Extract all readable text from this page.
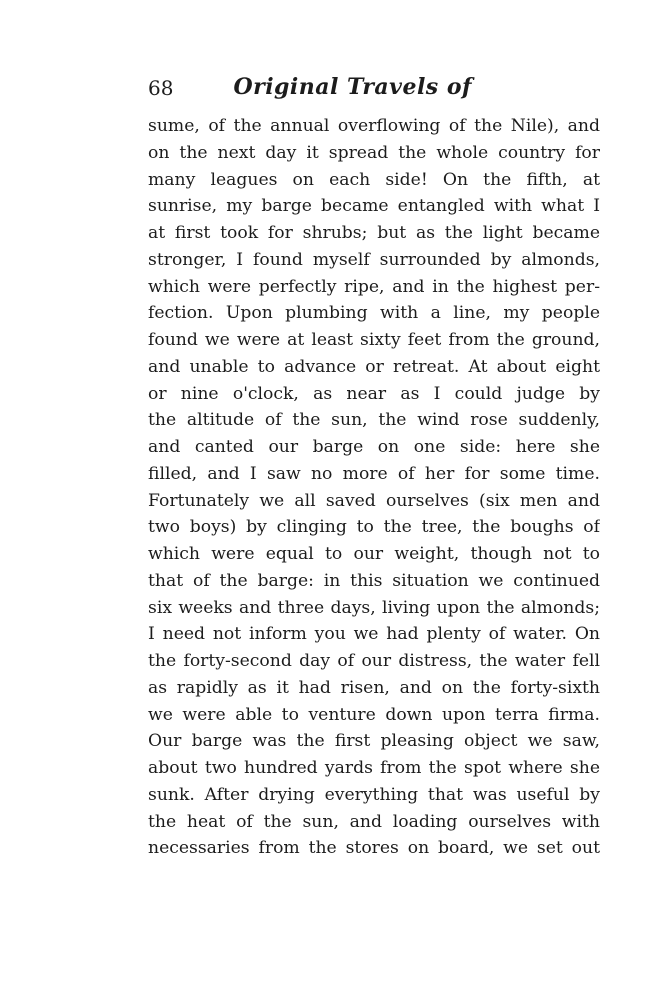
68	Original Travels of
sume, of the annual overflowing of the Nile), and
on the next day it spread the whole country for
many leagues on each side! On the fifth, at
sunrise, my barge became entangled with what I
at first took for shrubs; but as the light became
stronger, I found myself surrounded by almonds,
which were perfectly ripe, and in the highest per-
fection. Upon plumbing with a line, my people
found we were at least sixty feet from the ground,
and unable to advance or retreat. At about eight
or nine o'clock, as near as I could judge by
the altitude of the sun, the wind rose suddenly,
and canted our barge on one side: here she
filled, and I saw no more of her for some time.
Fortunately we all saved ourselves (six men and
two boys) by clinging to the tree, the boughs of
which were equal to our weight, though not to
that of the barge: in this situation we continued
six weeks and three days, living upon the almonds;
I need not inform you we had plenty of water. On
the forty-second day of our distress, the water fell
as rapidly as it had risen, and on the forty-sixth
we were able to venture down upon terra firma.
Our barge was the first pleasing object we saw,
about two hundred yards from the spot where she
sunk. After drying everything that was useful by
the heat of the sun, and loading ourselves with
necessaries from the stores on board, we set out
